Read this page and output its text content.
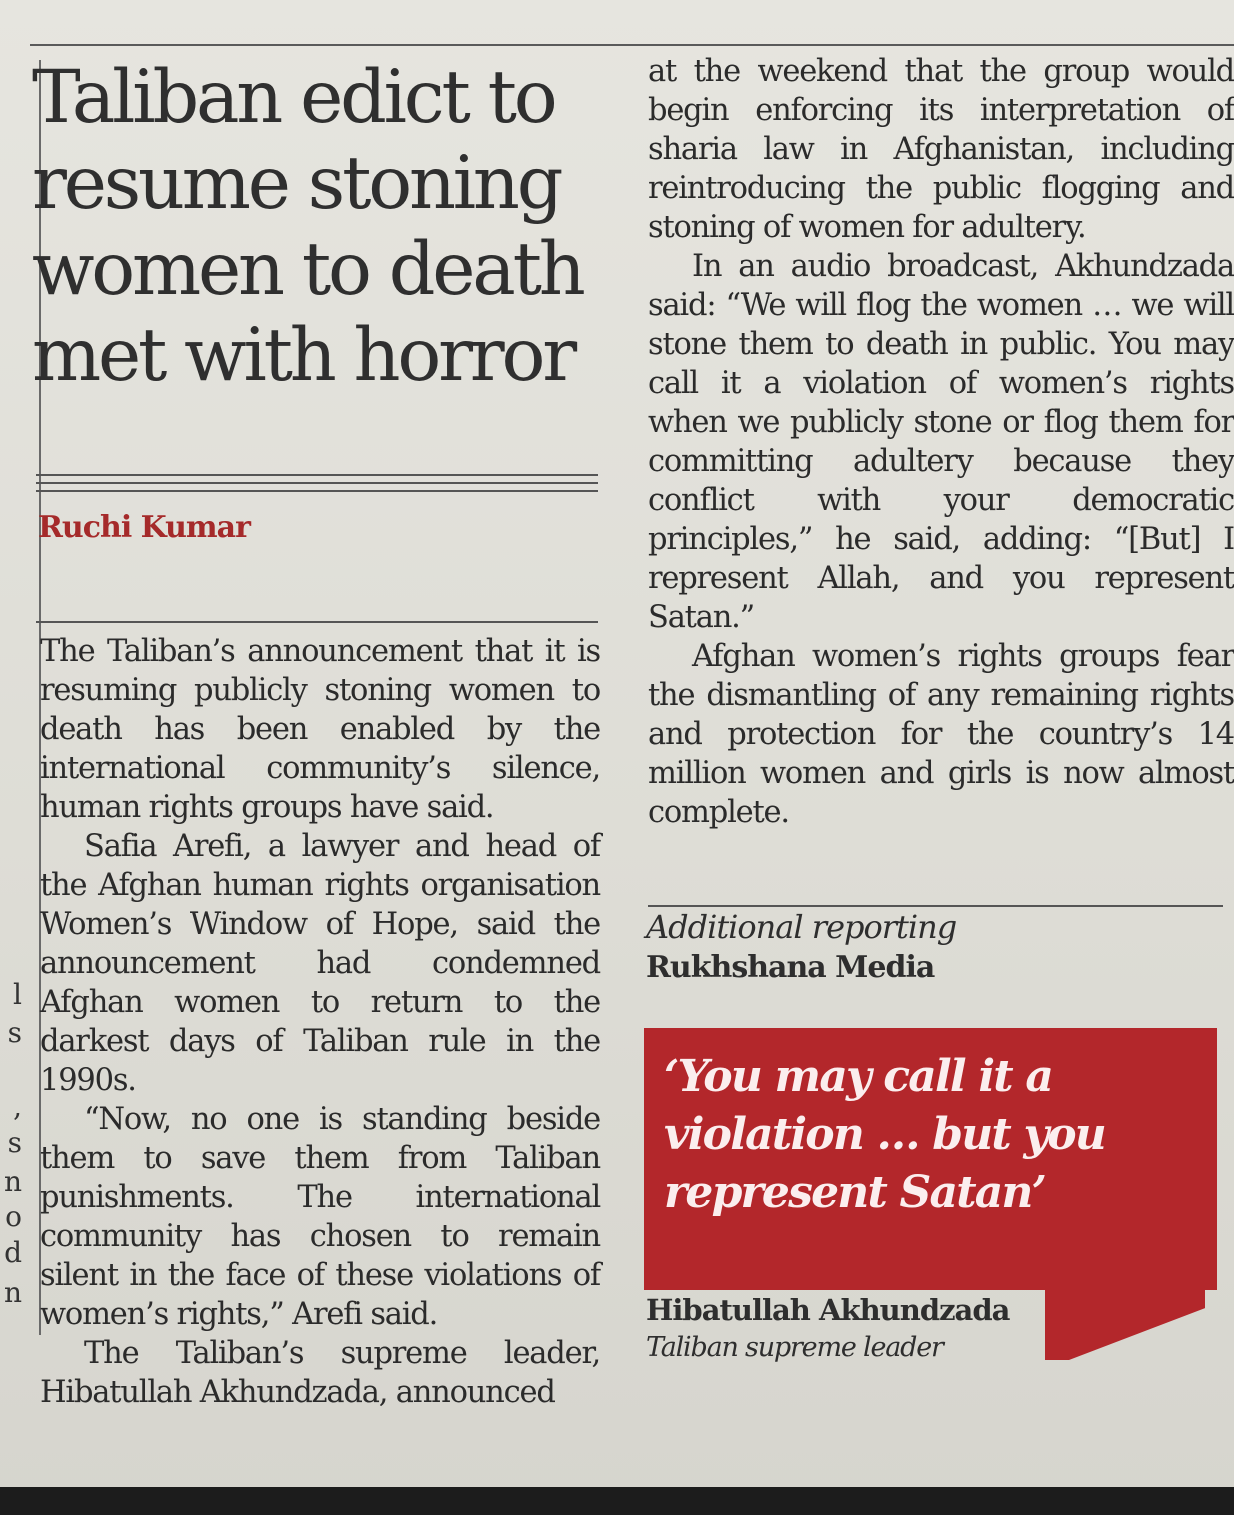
l
s
,
s
n
o
d
n
Taliban edict to resume stoning women to death met with horror
Ruchi Kumar

The Taliban’s announcement that it is resuming publicly stoning women to death has been enabled by the international community’s silence, human rights groups have said.

Safia Arefi, a lawyer and head of the Afghan human rights organisation Women’s Window of Hope, said the announcement had condemned Afghan women to return to the darkest days of Taliban rule in the 1990s.

“Now, no one is standing beside them to save them from Taliban punishments. The international community has chosen to remain silent in the face of these violations of women’s rights,” Arefi said.

The Taliban’s supreme leader, Hibatullah Akhundzada, announced

at the weekend that the group would begin enforcing its interpretation of sharia law in Afghanistan, including reintroducing the public flogging and stoning of women for adultery.

In an audio broadcast, Akhundzada said: “We will flog the women … we will stone them to death in public. You may call it a violation of women’s rights when we publicly stone or flog them for committing adultery because they conflict with your democratic principles,” he said, adding: “[But] I represent Allah, and you represent Satan.”

Afghan women’s rights groups fear the dismantling of any remaining rights and protection for the country’s 14 million women and girls is now almost complete.

Additional reporting
Rukhshana Media

‘You may call it a violation … but you represent Satan’

Hibatullah Akhundzada
Taliban supreme leader
